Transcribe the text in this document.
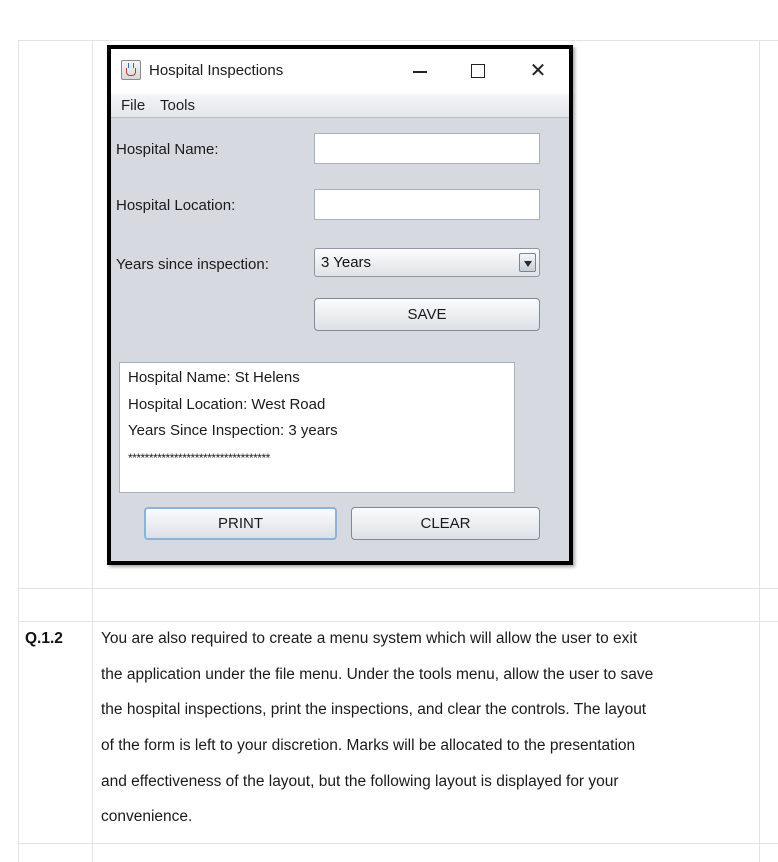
Hospital Inspections	✕
File Tools
Hospital Name:
Hospital Location:
Years since inspection:	3 Years
SAVE
Hospital Name: St Helens
Hospital Location: West Road
Years Since Inspection: 3 years
**********************************
PRINT	CLEAR
Q.1.2 You are also required to create a menu system which will allow the user to exit
the application under the file menu. Under the tools menu, allow the user to save
the hospital inspections, print the inspections, and clear the controls. The layout
of the form is left to your discretion. Marks will be allocated to the presentation
and effectiveness of the layout, but the following layout is displayed for your
convenience.
